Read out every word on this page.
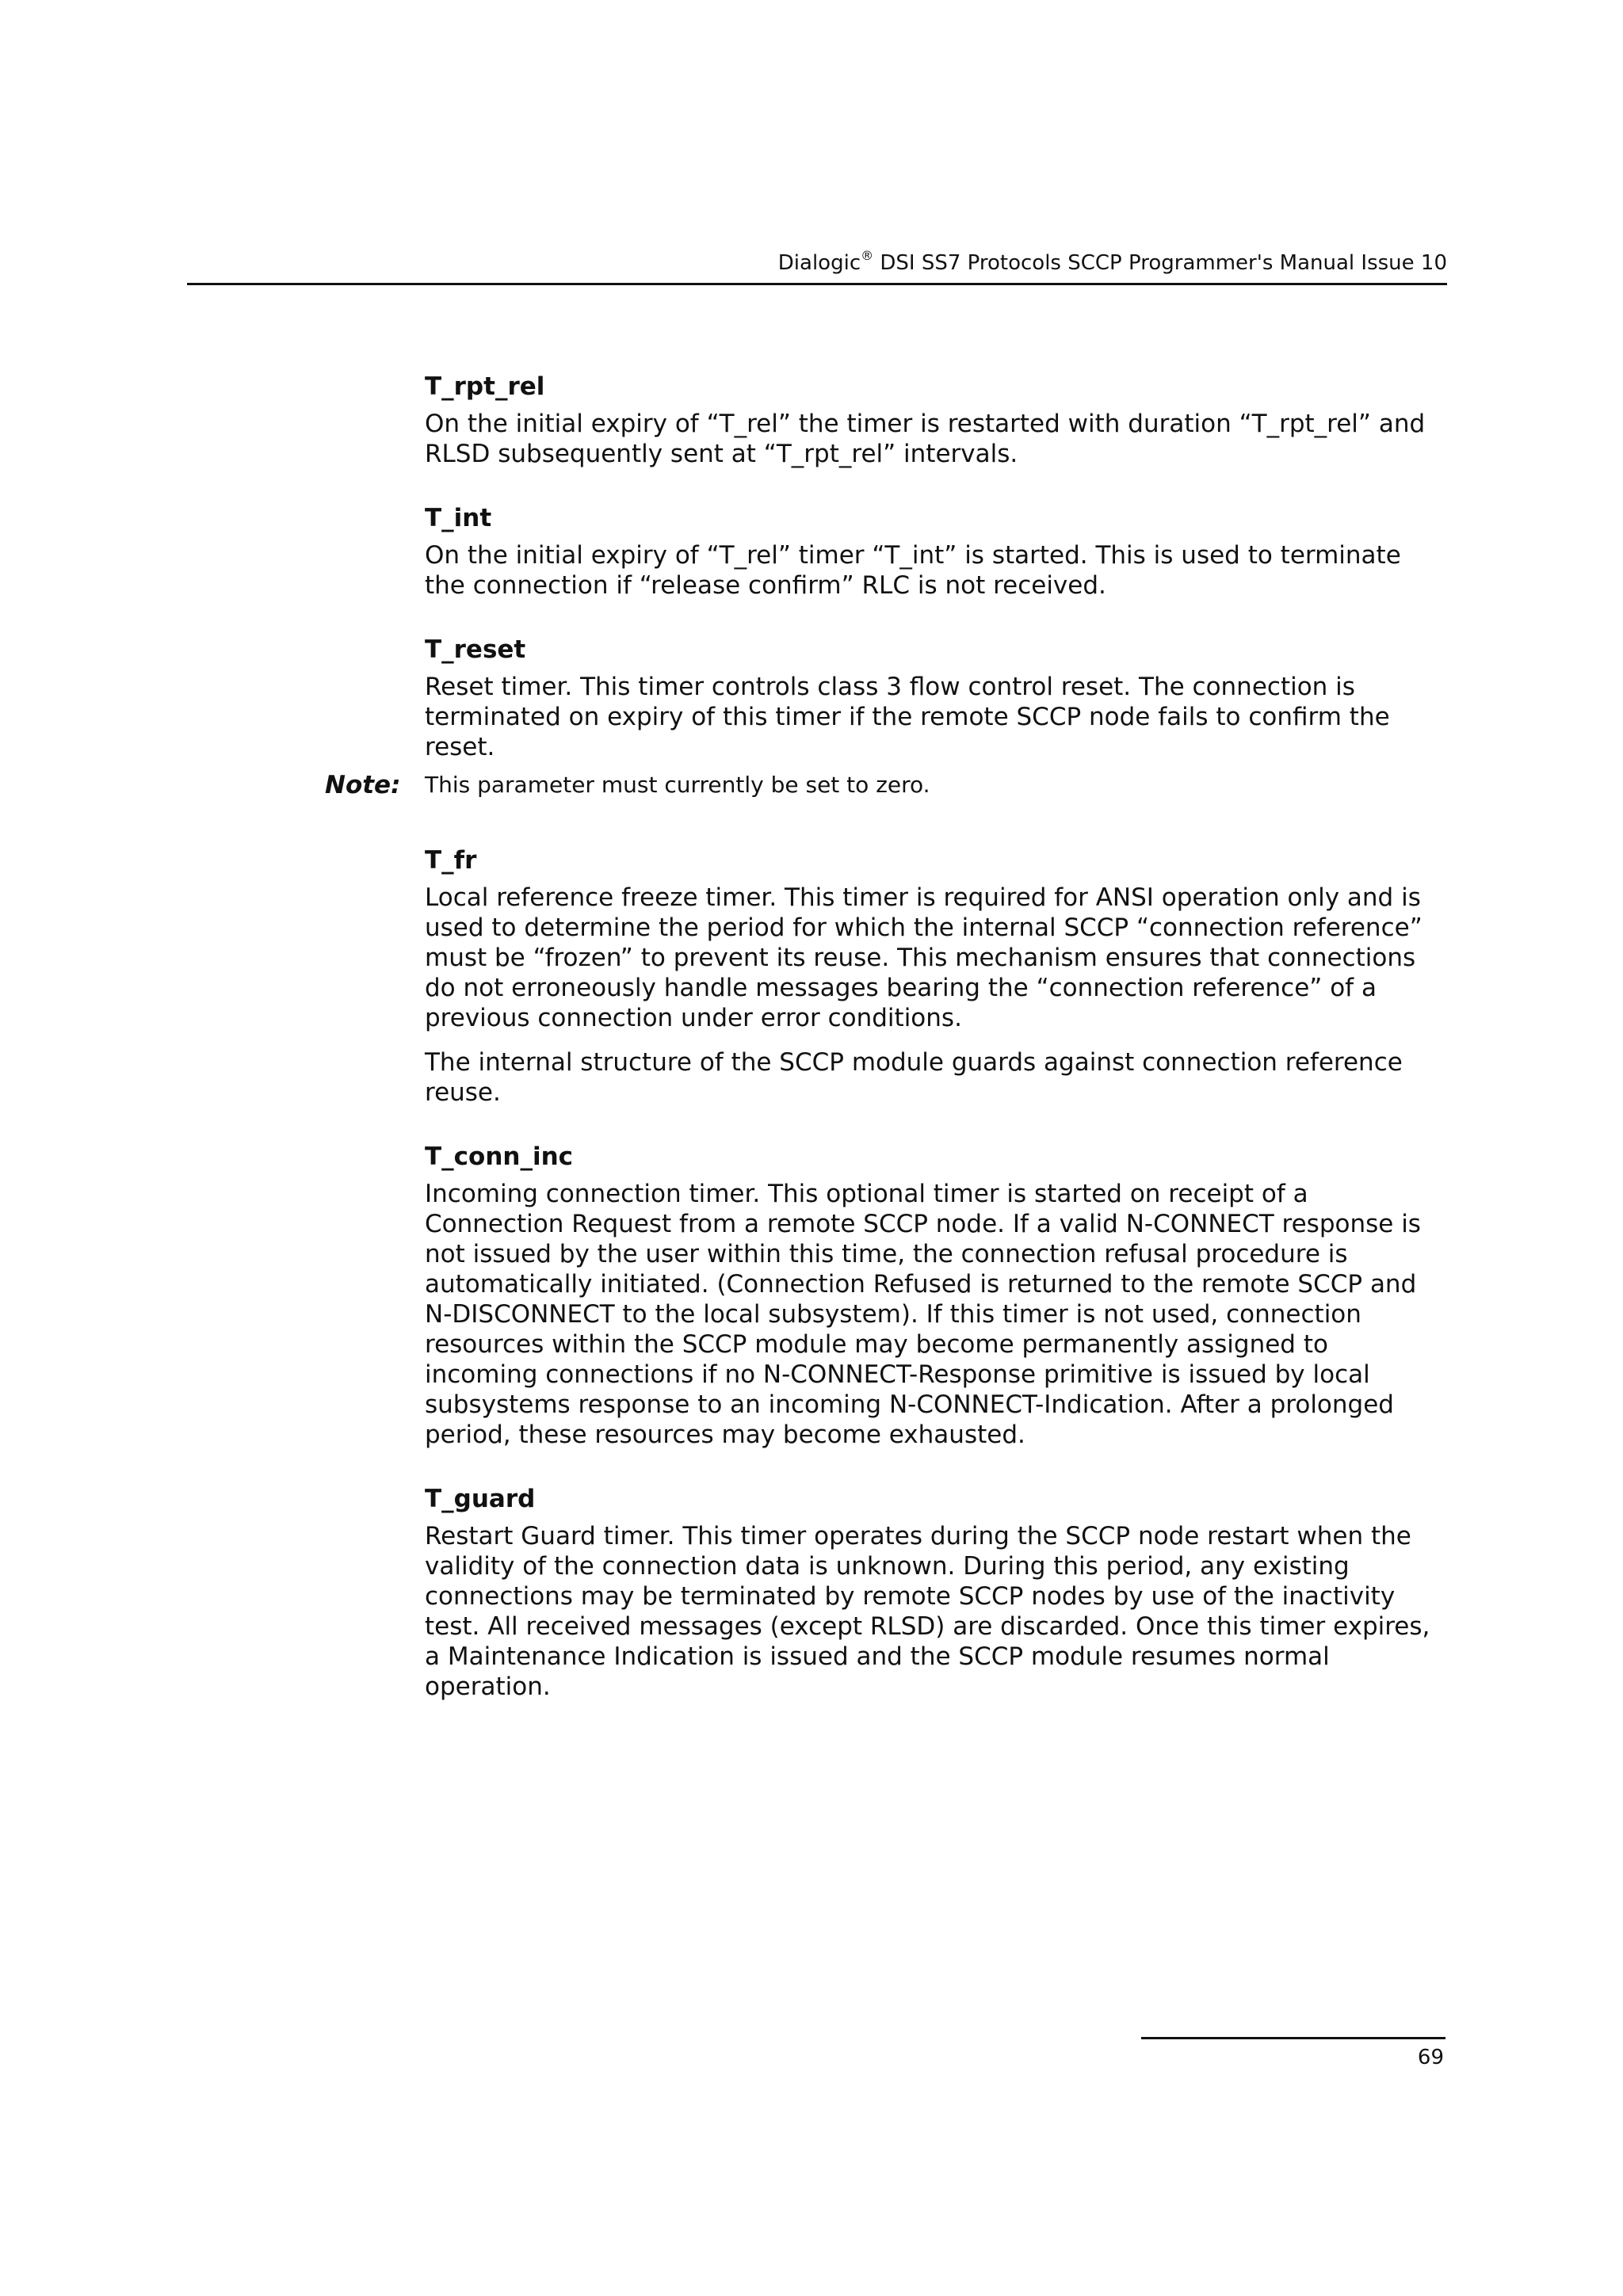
Dialogic® DSI SS7 Protocols SCCP Programmer's Manual Issue 10
T_rpt_rel

On the initial expiry of “T_rel” the timer is restarted with duration “T_rpt_rel” and RLSD subsequently sent at “T_rpt_rel” intervals.

T_int

On the initial expiry of “T_rel” timer “T_int” is started. This is used to terminate the connection if “release confirm” RLC is not received.

T_reset

Reset timer. This timer controls class 3 flow control reset. The connection is terminated on expiry of this timer if the remote SCCP node fails to confirm the reset.

Note: This parameter must currently be set to zero.
T_fr

Local reference freeze timer. This timer is required for ANSI operation only and is used to determine the period for which the internal SCCP “connection reference” must be “frozen” to prevent its reuse. This mechanism ensures that connections do not erroneously handle messages bearing the “connection reference” of a previous connection under error conditions.

The internal structure of the SCCP module guards against connection reference reuse.

T_conn_inc

Incoming connection timer. This optional timer is started on receipt of a Connection Request from a remote SCCP node. If a valid N-CONNECT response is not issued by the user within this time, the connection refusal procedure is automatically initiated. (Connection Refused is returned to the remote SCCP and N-DISCONNECT to the local subsystem). If this timer is not used, connection resources within the SCCP module may become permanently assigned to incoming connections if no N-CONNECT-Response primitive is issued by local subsystems response to an incoming N-CONNECT-Indication. After a prolonged period, these resources may become exhausted.

T_guard

Restart Guard timer. This timer operates during the SCCP node restart when the validity of the connection data is unknown. During this period, any existing connections may be terminated by remote SCCP nodes by use of the inactivity test. All received messages (except RLSD) are discarded. Once this timer expires, a Maintenance Indication is issued and the SCCP module resumes normal operation.

69
